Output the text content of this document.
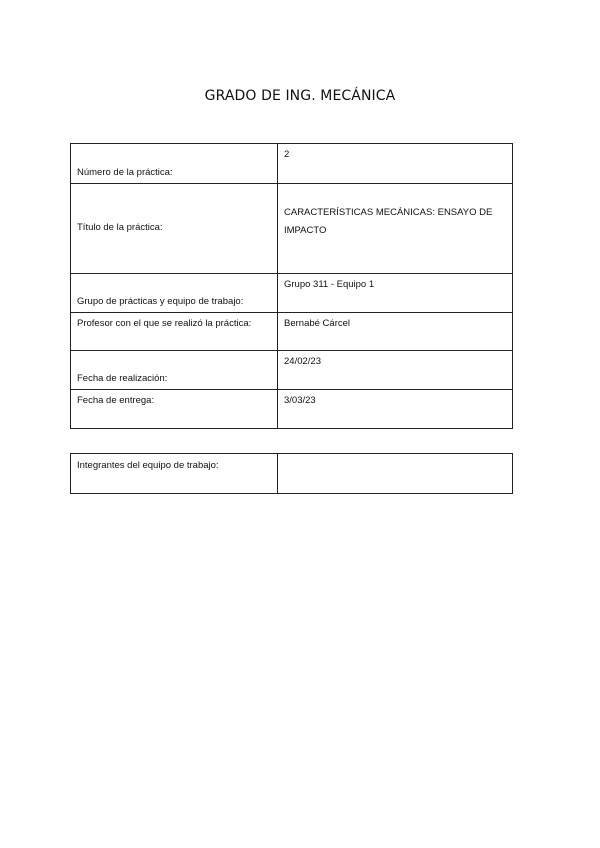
GRADO DE ING. MECÁNICA
Número de la práctica:	2
Título de la práctica:	CARACTERÍSTICAS MECÁNICAS: ENSAYO DE IMPACTO
Grupo de prácticas y equipo de trabajo:	Grupo 311 - Equipo 1
Profesor con el que se realizó la práctica:	Bernabé Cárcel
Fecha de realización:	24/02/23
Fecha de entrega:	3/03/23
Integrantes del equipo de trabajo:	
